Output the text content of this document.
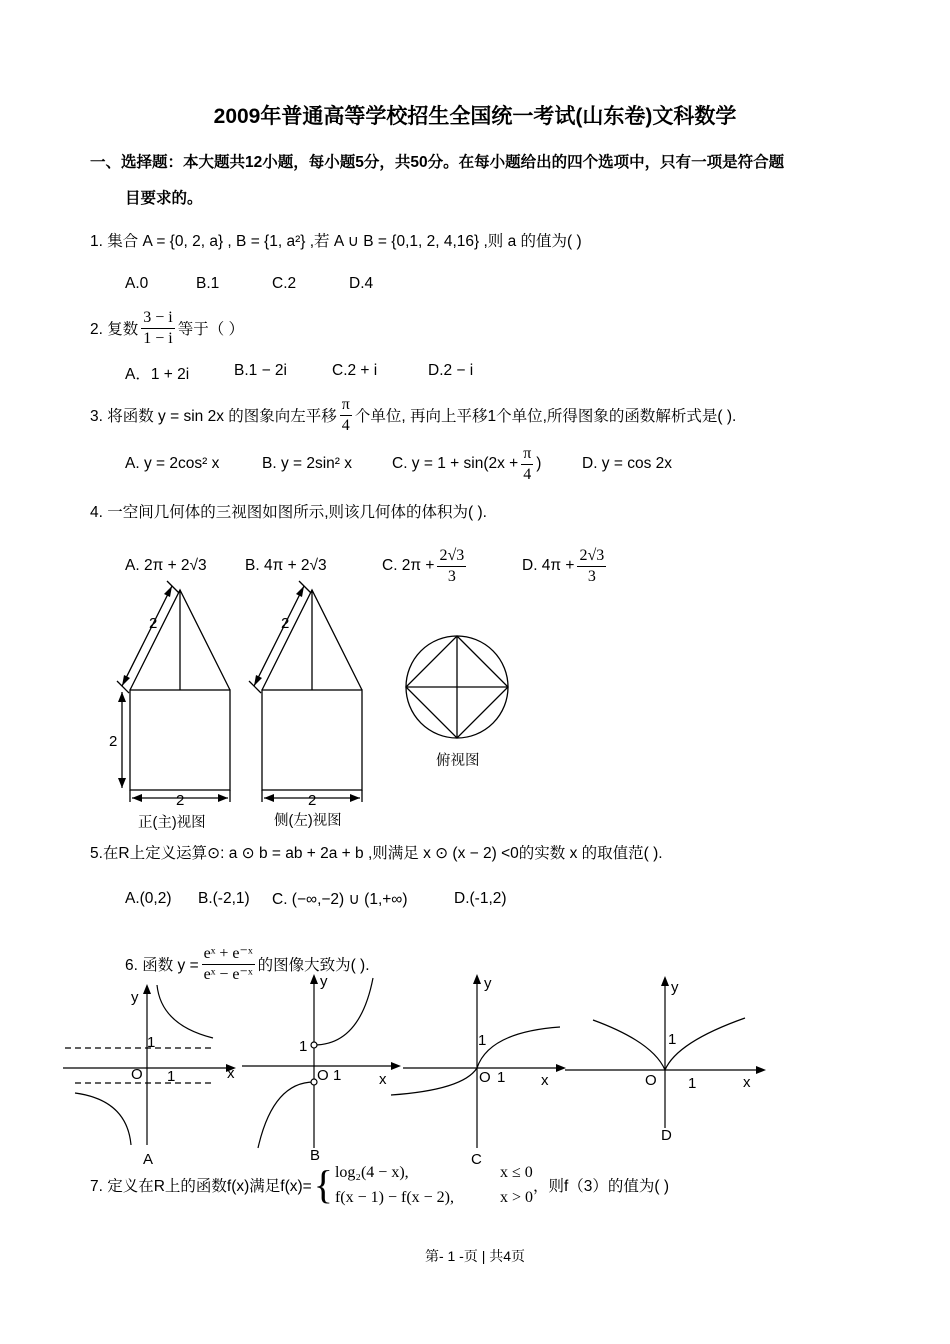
2009年普通高等学校招生全国统一考试(山东卷)文科数学
一、选择题：本大题共12小题，每小题5分，共50分。在每小题给出的四个选项中，只有一项是符合题
目要求的。
1. 集合 A = {0, 2, a} , B = {1, a²} ,若 A ∪ B = {0,1, 2, 4,16} ,则 a 的值为( )
A.0	B.1	C.2	D.4
2. 复数 $\frac{3 - i}{1 - i}$ 等于（ ）
A．1 + 2i	B.1 − 2i	C.2 + i	D.2 − i
3. 将函数 y = sin 2x 的图象向左平移 $\frac{\pi}{4}$ 个单位, 再向上平移1个单位,所得图象的函数解析式是( ).
A. y = 2cos² x	B. y = 2sin² x	C. $y = 1 + \sin(2x + \frac{\pi}{4}$ )	D. y = cos 2x
4. 一空间几何体的三视图如图所示,则该几何体的体积为( ).
A. 2π + 2√3 B. 4π + 2√3	C. $2\pi + \frac{2√3}{3}$	D. $4\pi + \frac{2√3}{3}$
2	2
2
2	2
俯视图
正(主)视图	侧(左)视图
5.在R上定义运算⊙: a ⊙ b = ab + 2a + b ,则满足 x ⊙ (x − 2) <0的实数 x 的取值范( ).
A.(0,2) B.(-2,1) C. (−∞,−2) ∪ (1,+∞)	D.(-1,2)
6. 函数 $y = \frac{\text{eˣ + e⁻ˣ}}{\text{eˣ − e⁻ˣ}}$ 的图像大致为( ).
y
x
O
1
1
A
y
x
O 1
1
B
y
x
O 1
1
C
y
x
O 1
1
D
7. 定义在R上的函数f(x)满足f(x)= { log₂(4 − x),	x ≤ 0
f(x − 1) − f(x − 2),	x > 0
，则f（3）的值为( )
第- 1 -页 | 共4页
